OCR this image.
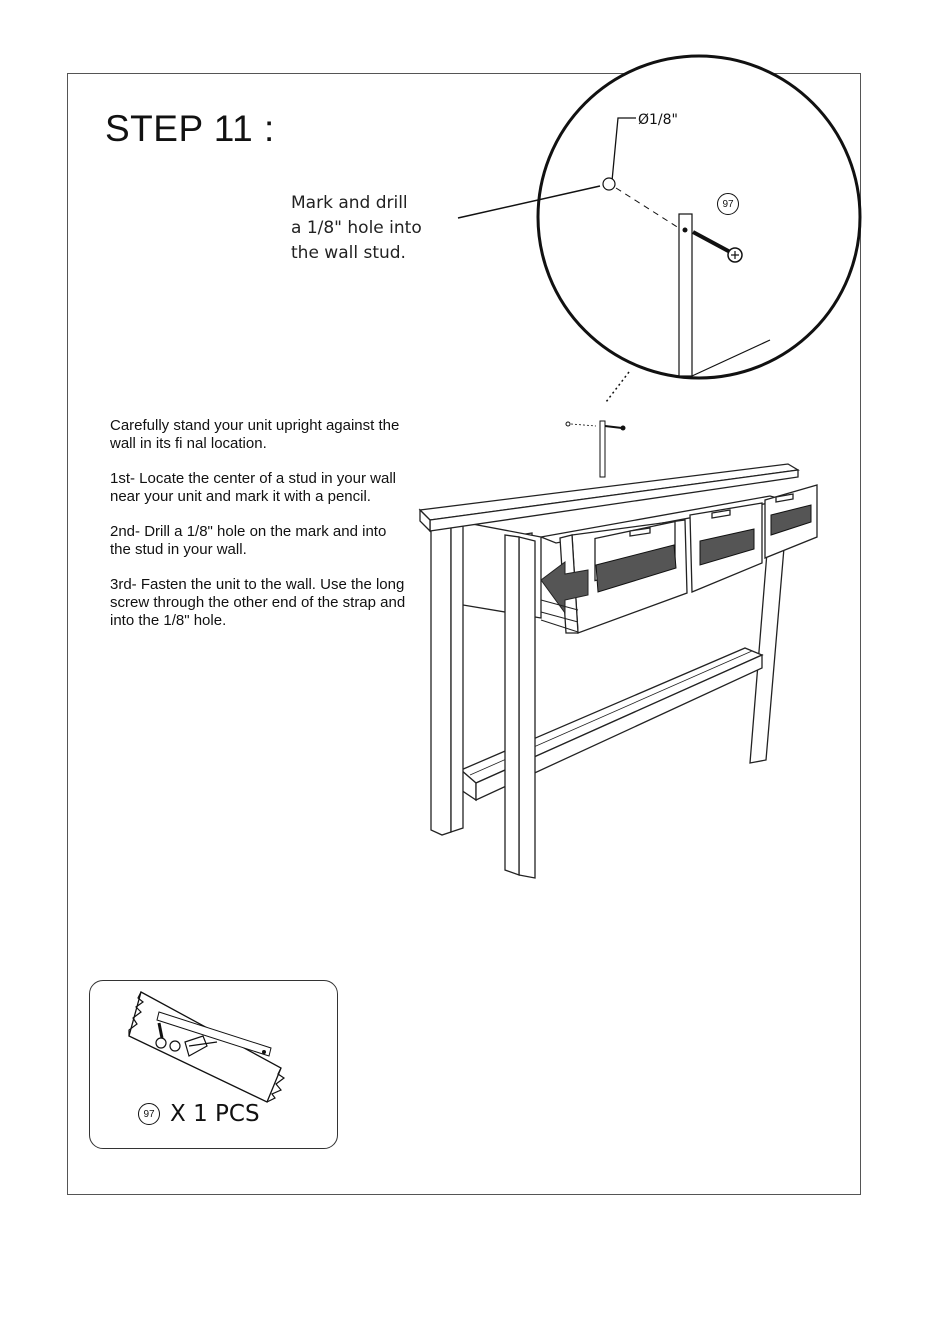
STEP 11 :	Ø1/8"
97
Mark and drill
a 1/8" hole into
the wall stud.

Carefully stand your unit upright against the wall in its fi nal location.

1st- Locate the center of a stud in your wall near your unit and mark it with a pencil.

2nd- Drill a 1/8" hole on the mark and into the stud in your wall.

3rd- Fasten the unit to the wall. Use the long screw through the other end of the strap and into the 1/8" hole.

97 X 1 PCS
